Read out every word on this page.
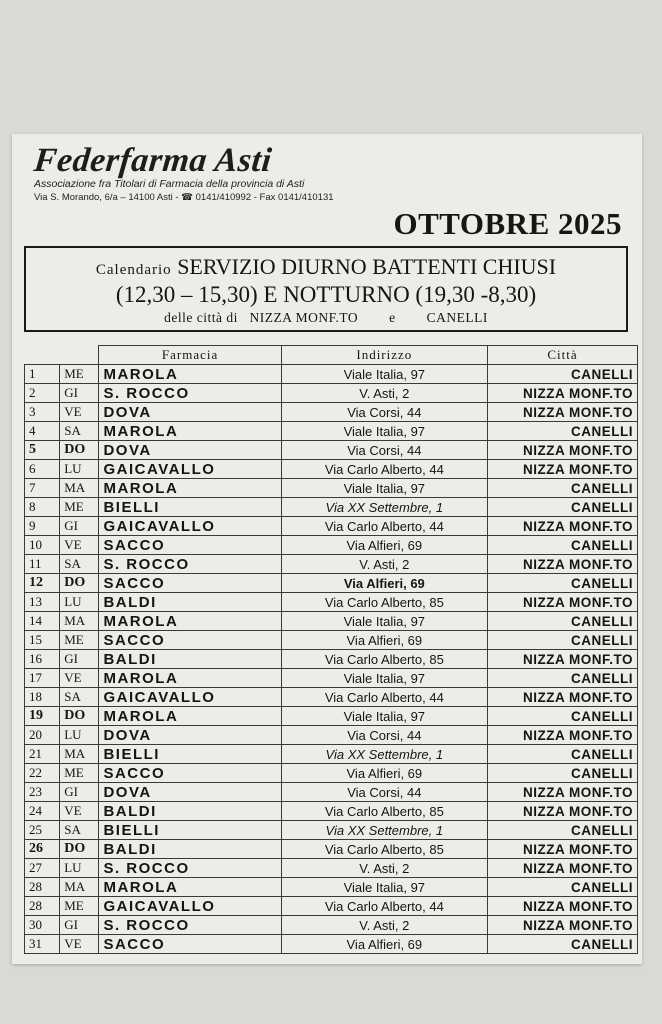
Federfarma Asti
Associazione fra Titolari di Farmacia della provincia di Asti
Via S. Morando, 6/a – 14100 Asti - ☎ 0141/410992 - Fax 0141/410131
OTTOBRE 2025
Calendario SERVIZIO DIURNO BATTENTI CHIUSI
(12,30 – 15,30) E NOTTURNO (19,30 -8,30)
delle città di NIZZA MONF.TO e CANELLI
		Farmacia	Indirizzo	Città
1	ME	MAROLA	Viale Italia, 97	CANELLI
2	GI	S. ROCCO	V. Asti, 2	NIZZA MONF.TO
3	VE	DOVA	Via Corsi, 44	NIZZA MONF.TO
4	SA	MAROLA	Viale Italia, 97	CANELLI
5	DO	DOVA	Via Corsi, 44	NIZZA MONF.TO
6	LU	GAICAVALLO	Via Carlo Alberto, 44	NIZZA MONF.TO
7	MA	MAROLA	Viale Italia, 97	CANELLI
8	ME	BIELLI	Via XX Settembre, 1	CANELLI
9	GI	GAICAVALLO	Via Carlo Alberto, 44	NIZZA MONF.TO
10	VE	SACCO	Via Alfieri, 69	CANELLI
11	SA	S. ROCCO	V. Asti, 2	NIZZA MONF.TO
12	DO	SACCO	Via Alfieri, 69	CANELLI
13	LU	BALDI	Via Carlo Alberto, 85	NIZZA MONF.TO
14	MA	MAROLA	Viale Italia, 97	CANELLI
15	ME	SACCO	Via Alfieri, 69	CANELLI
16	GI	BALDI	Via Carlo Alberto, 85	NIZZA MONF.TO
17	VE	MAROLA	Viale Italia, 97	CANELLI
18	SA	GAICAVALLO	Via Carlo Alberto, 44	NIZZA MONF.TO
19	DO	MAROLA	Viale Italia, 97	CANELLI
20	LU	DOVA	Via Corsi, 44	NIZZA MONF.TO
21	MA	BIELLI	Via XX Settembre, 1	CANELLI
22	ME	SACCO	Via Alfieri, 69	CANELLI
23	GI	DOVA	Via Corsi, 44	NIZZA MONF.TO
24	VE	BALDI	Via Carlo Alberto, 85	NIZZA MONF.TO
25	SA	BIELLI	Via XX Settembre, 1	CANELLI
26	DO	BALDI	Via Carlo Alberto, 85	NIZZA MONF.TO
27	LU	S. ROCCO	V. Asti, 2	NIZZA MONF.TO
28	MA	MAROLA	Viale Italia, 97	CANELLI
28	ME	GAICAVALLO	Via Carlo Alberto, 44	NIZZA MONF.TO
30	GI	S. ROCCO	V. Asti, 2	NIZZA MONF.TO
31	VE	SACCO	Via Alfieri, 69	CANELLI
